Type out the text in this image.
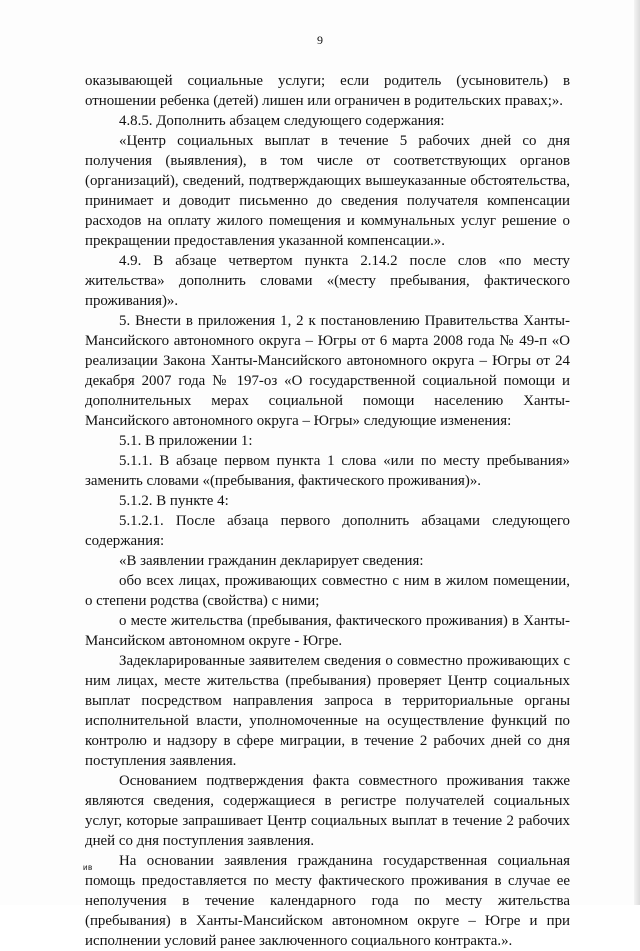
9

оказывающей социальные услуги; если родитель (усыновитель) в отношении ребенка (детей) лишен или ограничен в родительских правах;».

4.8.5. Дополнить абзацем следующего содержания:

«Центр социальных выплат в течение 5 рабочих дней со дня получения (выявления), в том числе от соответствующих органов (организаций), сведений, подтверждающих вышеуказанные обстоятельства, принимает и доводит письменно до сведения получателя компенсации расходов на оплату жилого помещения и коммунальных услуг решение о прекращении предоставления указанной компенсации.».

4.9. В абзаце четвертом пункта 2.14.2 после слов «по месту жительства» дополнить словами «(месту пребывания, фактического проживания)».

5. Внести в приложения 1, 2 к постановлению Правительства Ханты-Мансийского автономного округа – Югры от 6 марта 2008 года № 49-п «О реализации Закона Ханты-Мансийского автономного округа – Югры от 24 декабря 2007 года № 197-оз «О государственной социальной помощи и дополнительных мерах социальной помощи населению Ханты-Мансийского автономного округа – Югры» следующие изменения:

5.1. В приложении 1:

5.1.1. В абзаце первом пункта 1 слова «или по месту пребывания» заменить словами «(пребывания, фактического проживания)».

5.1.2. В пункте 4:

5.1.2.1. После абзаца первого дополнить абзацами следующего содержания:

«В заявлении гражданин декларирует сведения:

обо всех лицах, проживающих совместно с ним в жилом помещении, о степени родства (свойства) с ними;

о месте жительства (пребывания, фактического проживания) в Ханты-Мансийском автономном округе - Югре.

Задекларированные заявителем сведения о совместно проживающих с ним лицах, месте жительства (пребывания) проверяет Центр социальных выплат посредством направления запроса в территориальные органы исполнительной власти, уполномоченные на осуществление функций по контролю и надзору в сфере миграции, в течение 2 рабочих дней со дня поступления заявления.

Основанием подтверждения факта совместного проживания также являются сведения, содержащиеся в регистре получателей социальных услуг, которые запрашивает Центр социальных выплат в течение 2 рабочих дней со дня поступления заявления.

На основании заявления гражданина государственная социальная помощь предоставляется по месту фактического проживания в случае ее неполучения в течение календарного года по месту жительства (пребывания) в Ханты-Мансийском автономном округе – Югре и при исполнении условий ранее заключенного социального контракта.».

ив
